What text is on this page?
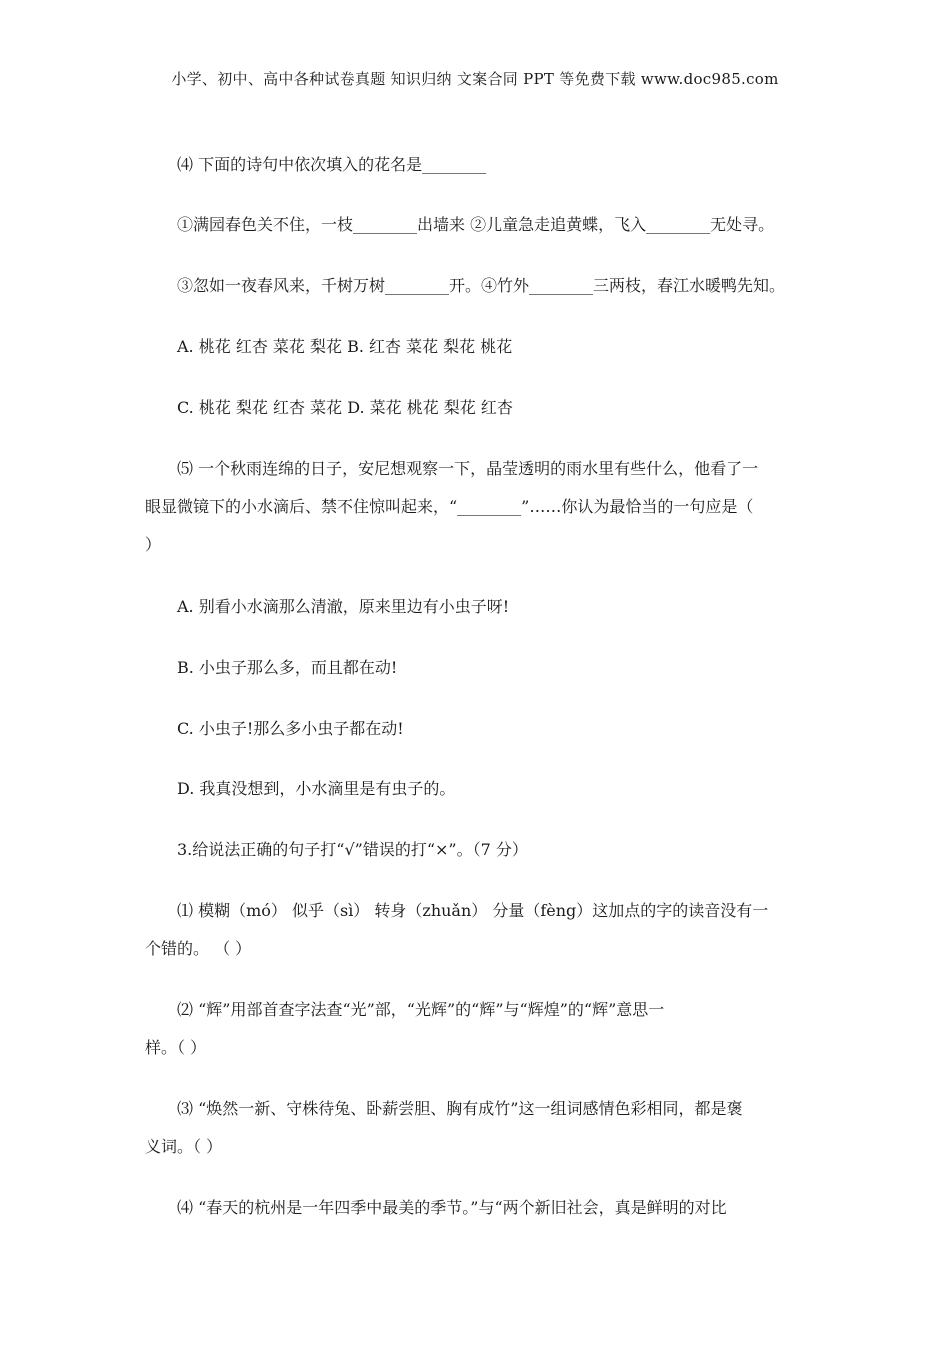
小学、初中、高中各种试卷真题 知识归纳 文案合同 PPT 等免费下载 www.doc985.com
⑷ 下面的诗句中依次填入的花名是________
①满园春色关不住，一枝________出墙来 ②儿童急走追黄蝶，飞入________无处寻。
③忽如一夜春风来，千树万树________开。④竹外________三两枝，春江水暖鸭先知。
A. 桃花 红杏 菜花 梨花 B. 红杏 菜花 梨花 桃花
C. 桃花 梨花 红杏 菜花 D. 菜花 桃花 梨花 红杏
⑸ 一个秋雨连绵的日子，安尼想观察一下，晶莹透明的雨水里有些什么，他看了一
眼显微镜下的小水滴后、禁不住惊叫起来，“________”……你认为最恰当的一句应是（
）
A. 别看小水滴那么清澈，原来里边有小虫子呀!
B. 小虫子那么多，而且都在动!
C. 小虫子!那么多小虫子都在动!
D. 我真没想到，小水滴里是有虫子的。
3.给说法正确的句子打“√”错误的打“×”。（7 分）
⑴ 模糊（mó） 似乎（sì） 转身（zhuǎn） 分量（fèng）这加点的字的读音没有一
个错的。 （ ）
⑵ “辉”用部首查字法查“光”部，“光辉”的“辉”与“辉煌”的“辉”意思一
样。（ ）
⑶ “焕然一新、守株待兔、卧薪尝胆、胸有成竹”这一组词感情色彩相同，都是褒
义词。（ ）
⑷ “春天的杭州是一年四季中最美的季节。”与“两个新旧社会，真是鲜明的对比
